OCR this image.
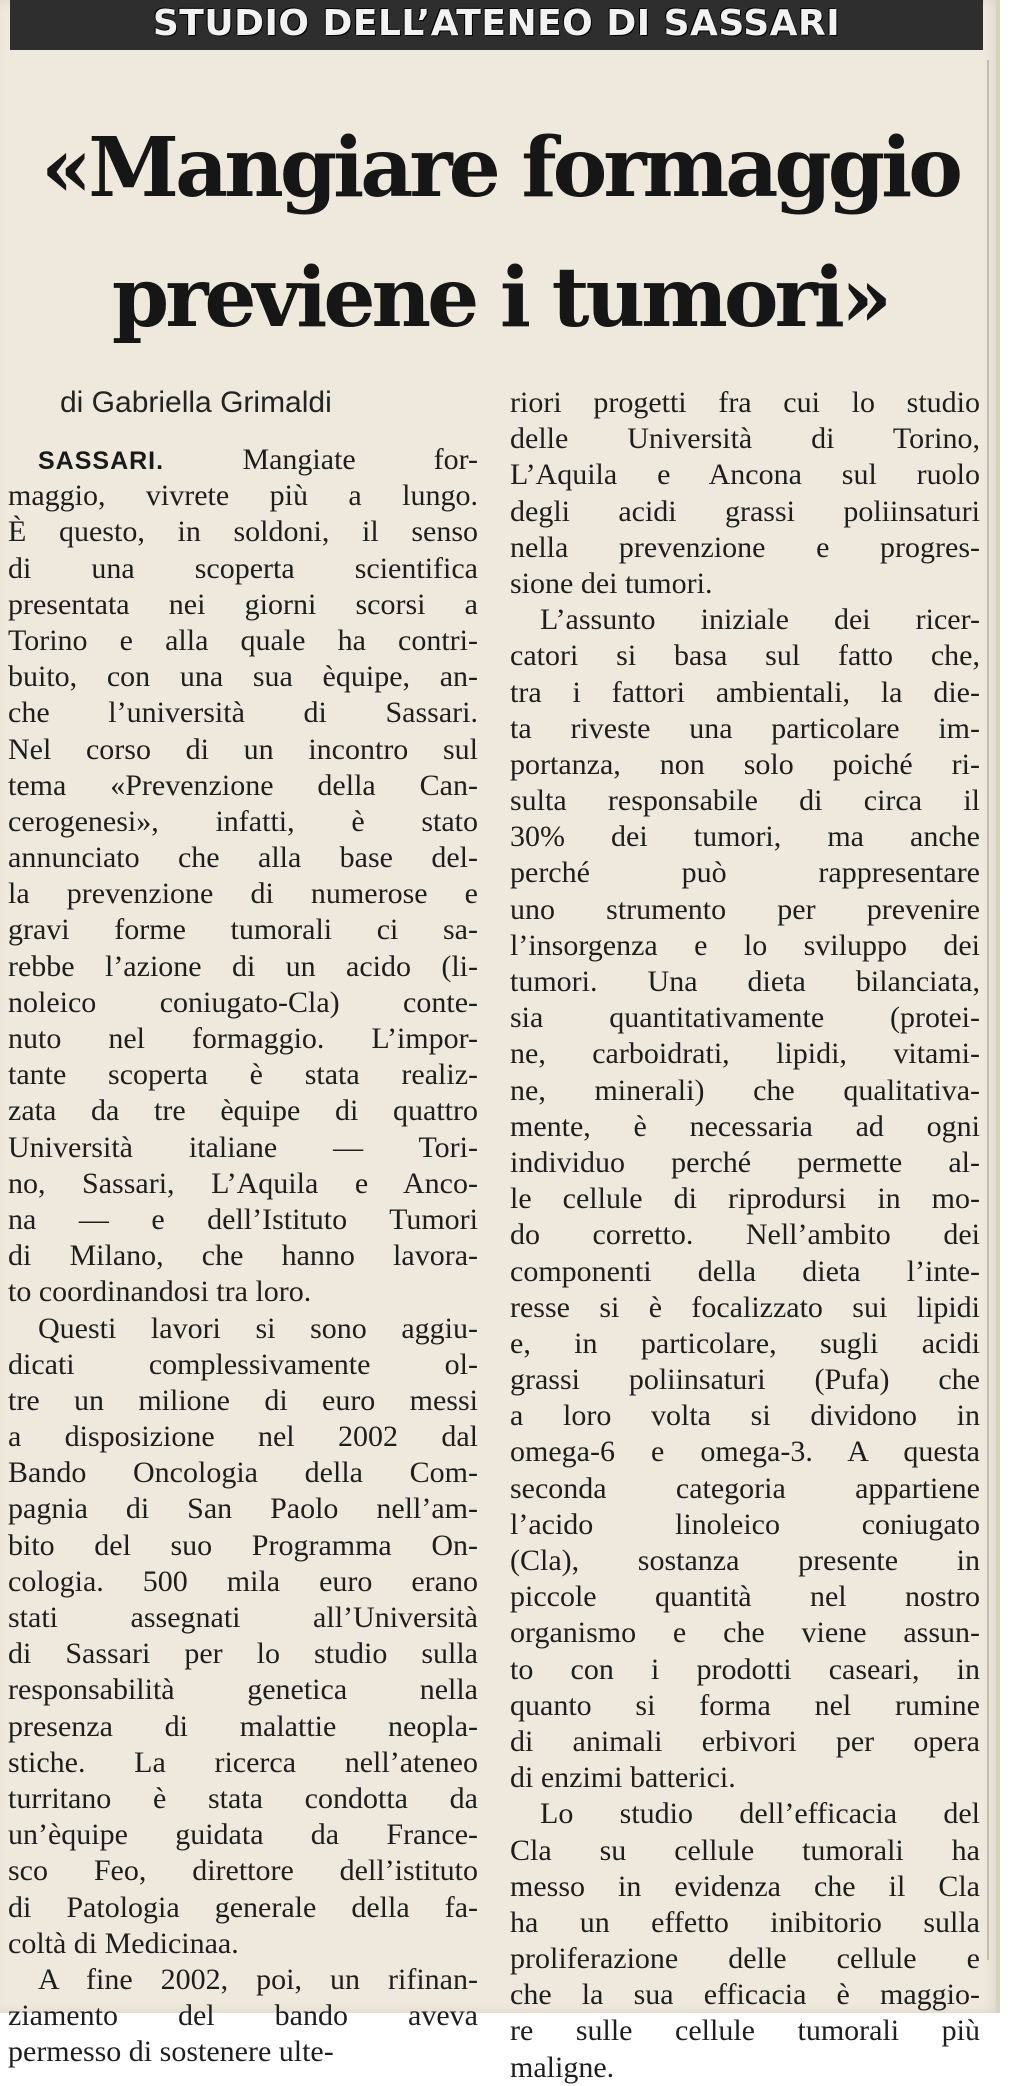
STUDIO DELL’ATENEO DI SASSARI
«Mangiare formaggio
previene i tumori»
di Gabriella Grimaldi
SASSARI. Mangiate for-
maggio, vivrete più a lungo.
È questo, in soldoni, il senso
di una scoperta scientifica
presentata nei giorni scorsi a
Torino e alla quale ha contri-
buito, con una sua èquipe, an-
che l’università di Sassari.
Nel corso di un incontro sul
tema «Prevenzione della Can-
cerogenesi», infatti, è stato
annunciato che alla base del-
la prevenzione di numerose e
gravi forme tumorali ci sa-
rebbe l’azione di un acido (li-
noleico coniugato-Cla) conte-
nuto nel formaggio. L’impor-
tante scoperta è stata realiz-
zata da tre èquipe di quattro
Università italiane — Tori-
no, Sassari, L’Aquila e Anco-
na — e dell’Istituto Tumori
di Milano, che hanno lavora-
to coordinandosi tra loro.
Questi lavori si sono aggiu-
dicati complessivamente ol-
tre un milione di euro messi
a disposizione nel 2002 dal
Bando Oncologia della Com-
pagnia di San Paolo nell’am-
bito del suo Programma On-
cologia. 500 mila euro erano
stati assegnati all’Università
di Sassari per lo studio sulla
responsabilità genetica nella
presenza di malattie neopla-
stiche. La ricerca nell’ateneo
turritano è stata condotta da
un’èquipe guidata da France-
sco Feo, direttore dell’istituto
di Patologia generale della fa-
coltà di Medicinaa.
A fine 2002, poi, un rifinan-
ziamento del bando aveva
permesso di sostenere ulte-
riori progetti fra cui lo studio
delle Università di Torino,
L’Aquila e Ancona sul ruolo
degli acidi grassi poliinsaturi
nella prevenzione e progres-
sione dei tumori.
L’assunto iniziale dei ricer-
catori si basa sul fatto che,
tra i fattori ambientali, la die-
ta riveste una particolare im-
portanza, non solo poiché ri-
sulta responsabile di circa il
30% dei tumori, ma anche
perché può rappresentare
uno strumento per prevenire
l’insorgenza e lo sviluppo dei
tumori. Una dieta bilanciata,
sia quantitativamente (protei-
ne, carboidrati, lipidi, vitami-
ne, minerali) che qualitativa-
mente, è necessaria ad ogni
individuo perché permette al-
le cellule di riprodursi in mo-
do corretto. Nell’ambito dei
componenti della dieta l’inte-
resse si è focalizzato sui lipidi
e, in particolare, sugli acidi
grassi poliinsaturi (Pufa) che
a loro volta si dividono in
omega-6 e omega-3. A questa
seconda categoria appartiene
l’acido linoleico coniugato
(Cla), sostanza presente in
piccole quantità nel nostro
organismo e che viene assun-
to con i prodotti caseari, in
quanto si forma nel rumine
di animali erbivori per opera
di enzimi batterici.
Lo studio dell’efficacia del
Cla su cellule tumorali ha
messo in evidenza che il Cla
ha un effetto inibitorio sulla
proliferazione delle cellule e
che la sua efficacia è maggio-
re sulle cellule tumorali più
maligne.
